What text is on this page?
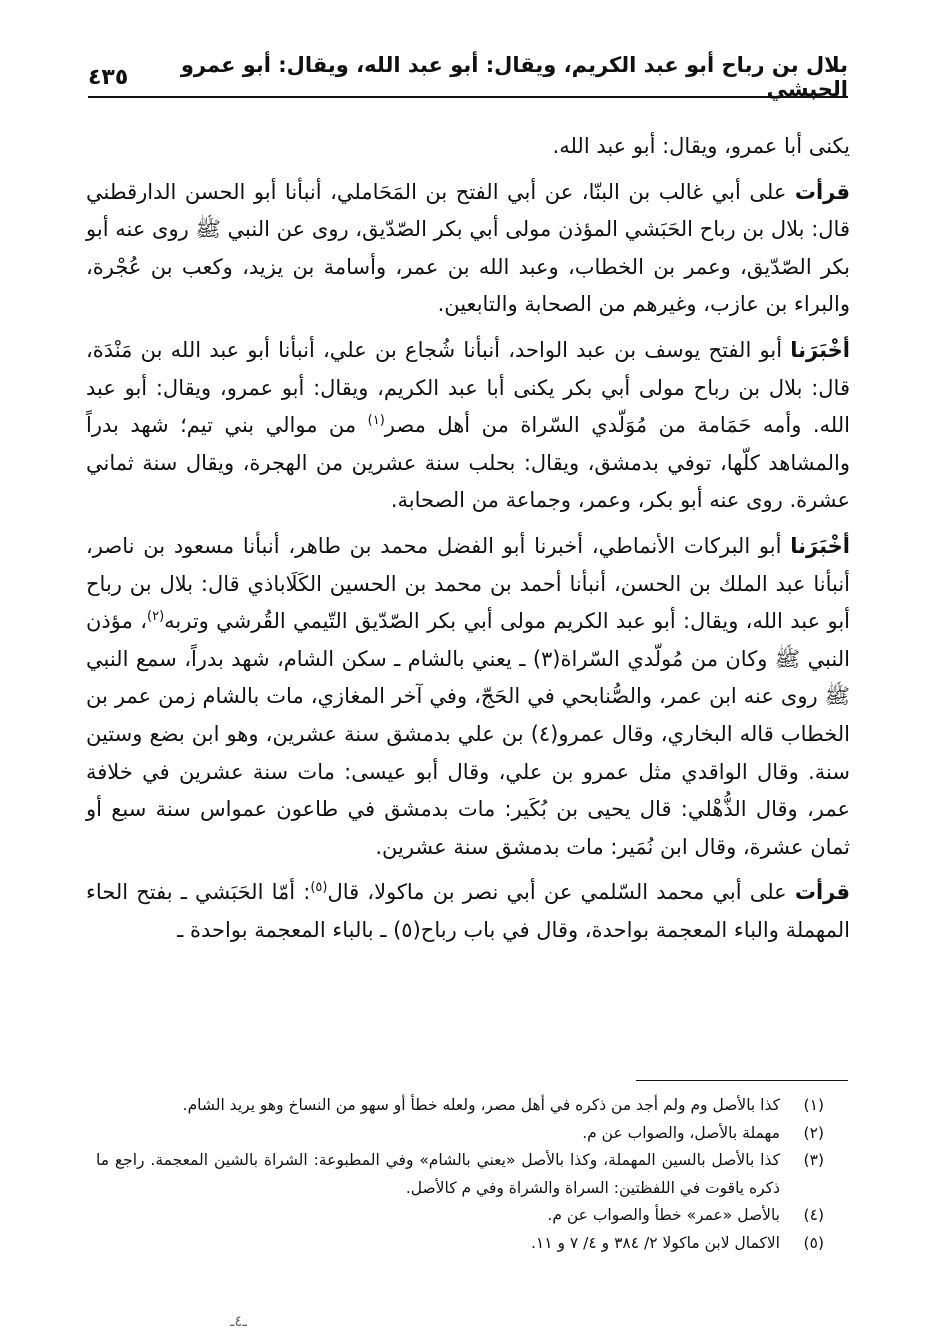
بلال بن رباح أبو عبد الكريم، ويقال: أبو عبد الله، ويقال: أبو عمرو الحبشي
٤٣٥

يكنى أبا عمرو، ويقال: أبو عبد الله.

قرأت على أبي غالب بن البنّا، عن أبي الفتح بن المَحَاملي، أنبأنا أبو الحسن الدارقطني قال: بلال بن رباح الحَبَشي المؤذن مولى أبي بكر الصّدّيق، روى عن النبي ﷺ روى عنه أبو بكر الصّدّيق، وعمر بن الخطاب، وعبد الله بن عمر، وأسامة بن يزيد، وكعب بن عُجْرة، والبراء بن عازب، وغيرهم من الصحابة والتابعين.

أخْبَرَنا أبو الفتح يوسف بن عبد الواحد، أنبأنا شُجاع بن علي، أنبأنا أبو عبد الله بن مَنْدَة، قال: بلال بن رباح مولى أبي بكر يكنى أبا عبد الكريم، ويقال: أبو عمرو، ويقال: أبو عبد الله. وأمه حَمَامة من مُوَلّدي السّراة من أهل مصر$^{(١)}$ من موالي بني تيم؛ شهد بدراً والمشاهد كلّها، توفي بدمشق، ويقال: بحلب سنة عشرين من الهجرة، ويقال سنة ثماني عشرة. روى عنه أبو بكر، وعمر، وجماعة من الصحابة.

أخْبَرَنا أبو البركات الأنماطي، أخبرنا أبو الفضل محمد بن طاهر، أنبأنا مسعود بن ناصر، أنبأنا عبد الملك بن الحسن، أنبأنا أحمد بن محمد بن الحسين الكَلَاباذي قال: بلال بن رباح أبو عبد الله، ويقال: أبو عبد الكريم مولى أبي بكر الصّدّيق التّيمي القُرشي وتربه$^{(٢)}$، مؤذن النبي ﷺ وكان من مُولّدي السّراة(٣) ـ يعني بالشام ـ سكن الشام، شهد بدراً، سمع النبي ﷺ روى عنه ابن عمر، والصُّنابحي في الحَجّ، وفي آخر المغازي، مات بالشام زمن عمر بن الخطاب قاله البخاري، وقال عمرو(٤) بن علي بدمشق سنة عشرين، وهو ابن بضع وستين سنة. وقال الواقدي مثل عمرو بن علي، وقال أبو عيسى: مات سنة عشرين في خلافة عمر، وقال الذُّهْلي: قال يحيى بن بُكَير: مات بدمشق في طاعون عمواس سنة سبع أو ثمان عشرة، وقال ابن نُمَير: مات بدمشق سنة عشرين.

قرأت على أبي محمد السّلمي عن أبي نصر بن ماكولا، قال$^{(٥)}$: أمّا الحَبَشي ـ بفتح الحاء المهملة والباء المعجمة بواحدة، وقال في باب رباح(٥) ـ بالباء المعجمة بواحدة ـ

(١)
كذا بالأصل وم ولم أجد من ذكره في أهل مصر، ولعله خطأ أو سهو من النساخ وهو يريد الشام.
(٢)
مهملة بالأصل، والصواب عن م.
(٣)
كذا بالأصل بالسين المهملة، وكذا بالأصل «يعني بالشام» وفي المطبوعة: الشراة بالشين المعجمة. راجع ما ذكره ياقوت في اللفظتين: السراة والشراة وفي م كالأصل.
(٤)
بالأصل «عمر» خطأ والصواب عن م.
(٥)
الاكمال لابن ماكولا ٢/ ٣٨٤ و ٤/ ٧ و ١١.
ـ٤ـ
